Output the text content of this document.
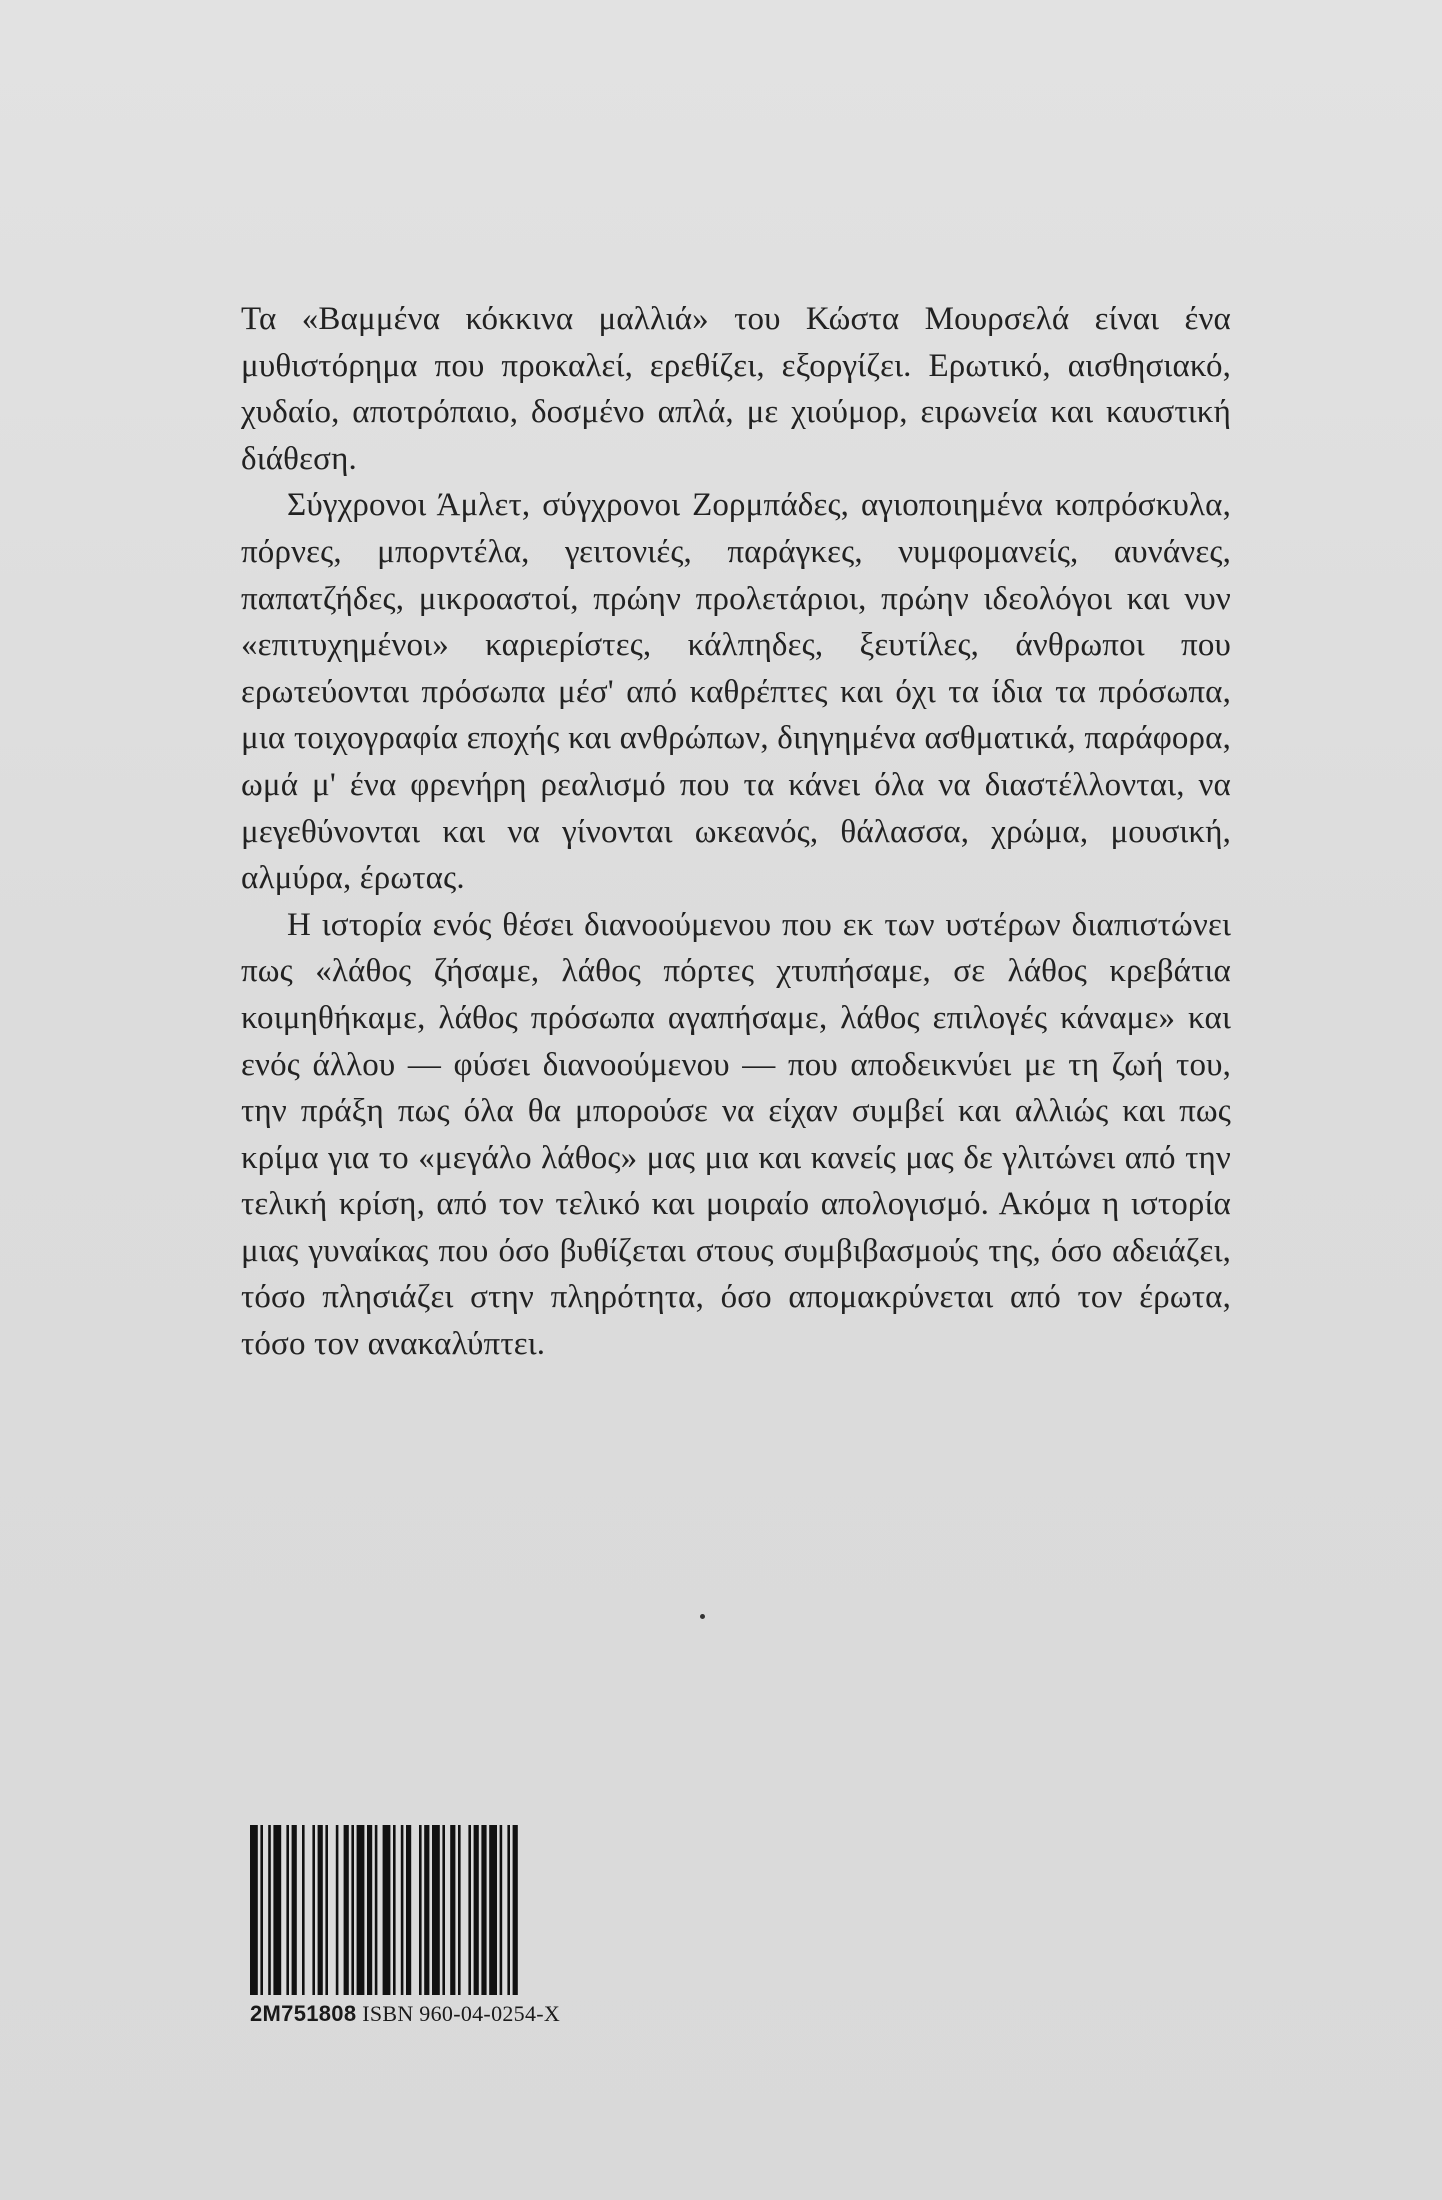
Τα «Βαμμένα κόκκινα μαλλιά» του Κώστα Μουρσελά είναι ένα μυθιστόρημα που προκαλεί, ερεθίζει, εξοργίζει. Ερωτικό, αισθησιακό, χυδαίο, αποτρόπαιο, δοσμένο απλά, με χιούμορ, ειρωνεία και καυστική διάθεση.

Σύγχρονοι Άμλετ, σύγχρονοι Ζορμπάδες, αγιοποιημένα κοπρόσκυλα, πόρνες, μπορντέλα, γειτονιές, παράγκες, νυμφομανείς, αυνάνες, παπατζήδες, μικροαστοί, πρώην προλετάριοι, πρώην ιδεολόγοι και νυν «επιτυχημένοι» καριερίστες, κάλπηδες, ξευτίλες, άνθρωποι που ερωτεύονται πρόσωπα μέσ' από καθρέπτες και όχι τα ίδια τα πρόσωπα, μια τοιχογραφία εποχής και ανθρώπων, διηγημένα ασθματικά, παράφορα, ωμά μ' ένα φρενήρη ρεαλισμό που τα κάνει όλα να διαστέλλονται, να μεγεθύνονται και να γίνονται ωκεανός, θάλασσα, χρώμα, μουσική, αλμύρα, έρωτας.

Η ιστορία ενός θέσει διανοούμενου που εκ των υστέρων διαπιστώνει πως «λάθος ζήσαμε, λάθος πόρτες χτυπήσαμε, σε λάθος κρεβάτια κοιμηθήκαμε, λάθος πρόσωπα αγαπήσαμε, λάθος επιλογές κάναμε» και ενός άλλου — φύσει διανοούμενου — που αποδεικνύει με τη ζωή του, την πράξη πως όλα θα μπορούσε να είχαν συμβεί και αλλιώς και πως κρίμα για το «μεγάλο λάθος» μας μια και κανείς μας δε γλιτώνει από την τελική κρίση, από τον τελικό και μοιραίο απολογισμό. Ακόμα η ιστορία μιας γυναίκας που όσο βυθίζεται στους συμβιβασμούς της, όσο αδειάζει, τόσο πλησιάζει στην πληρότητα, όσο απομακρύνεται από τον έρωτα, τόσο τον ανακαλύπτει.

2M751808 ISBN 960-04-0254-X
